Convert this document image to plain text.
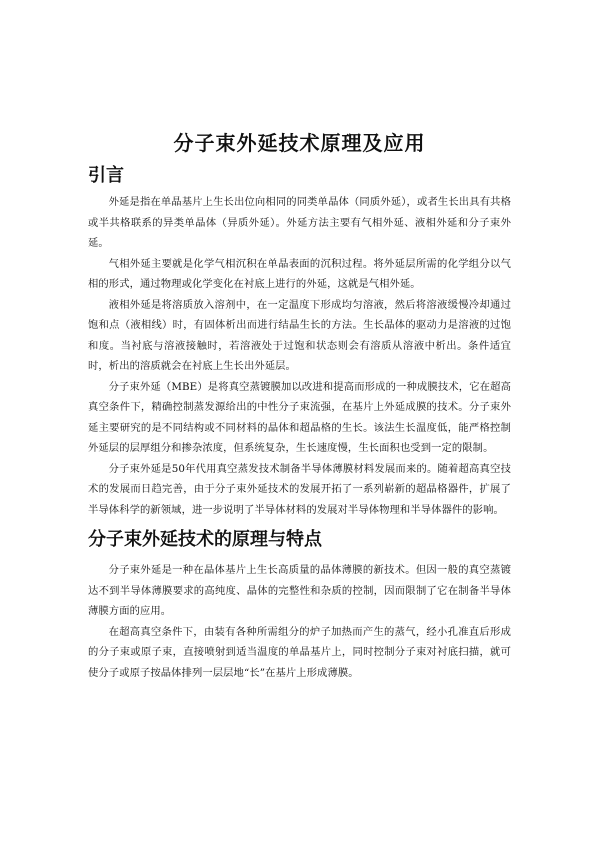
分子束外延技术原理及应用
引言

外延是指在单晶基片上生长出位向相同的同类单晶体（同质外延），或者生长出具有共格或半共格联系的异类单晶体（异质外延）。外延方法主要有气相外延、液相外延和分子束外延。

气相外延主要就是化学气相沉积在单晶表面的沉积过程。将外延层所需的化学组分以气相的形式，通过物理或化学变化在衬底上进行的外延，这就是气相外延。

液相外延是将溶质放入溶剂中，在一定温度下形成均匀溶液，然后将溶液缓慢冷却通过饱和点（液相线）时，有固体析出而进行结晶生长的方法。生长晶体的驱动力是溶液的过饱和度。当衬底与溶液接触时，若溶液处于过饱和状态则会有溶质从溶液中析出。条件适宜时，析出的溶质就会在衬底上生长出外延层。

分子束外延（MBE）是将真空蒸镀膜加以改进和提高而形成的一种成膜技术，它在超高真空条件下，精确控制蒸发源给出的中性分子束流强，在基片上外延成膜的技术。分子束外延主要研究的是不同结构或不同材料的晶体和超晶格的生长。该法生长温度低，能严格控制外延层的层厚组分和掺杂浓度，但系统复杂，生长速度慢，生长面积也受到一定的限制。

分子束外延是50年代用真空蒸发技术制备半导体薄膜材料发展而来的。随着超高真空技术的发展而日趋完善，由于分子束外延技术的发展开拓了一系列崭新的超晶格器件，扩展了半导体科学的新领域，进一步说明了半导体材料的发展对半导体物理和半导体器件的影响。

分子束外延技术的原理与特点

分子束外延是一种在晶体基片上生长高质量的晶体薄膜的新技术。但因一般的真空蒸镀达不到半导体薄膜要求的高纯度、晶体的完整性和杂质的控制，因而限制了它在制备半导体薄膜方面的应用。

在超高真空条件下，由装有各种所需组分的炉子加热而产生的蒸气，经小孔准直后形成的分子束或原子束，直接喷射到适当温度的单晶基片上，同时控制分子束对衬底扫描，就可使分子或原子按晶体排列一层层地“长”在基片上形成薄膜。
